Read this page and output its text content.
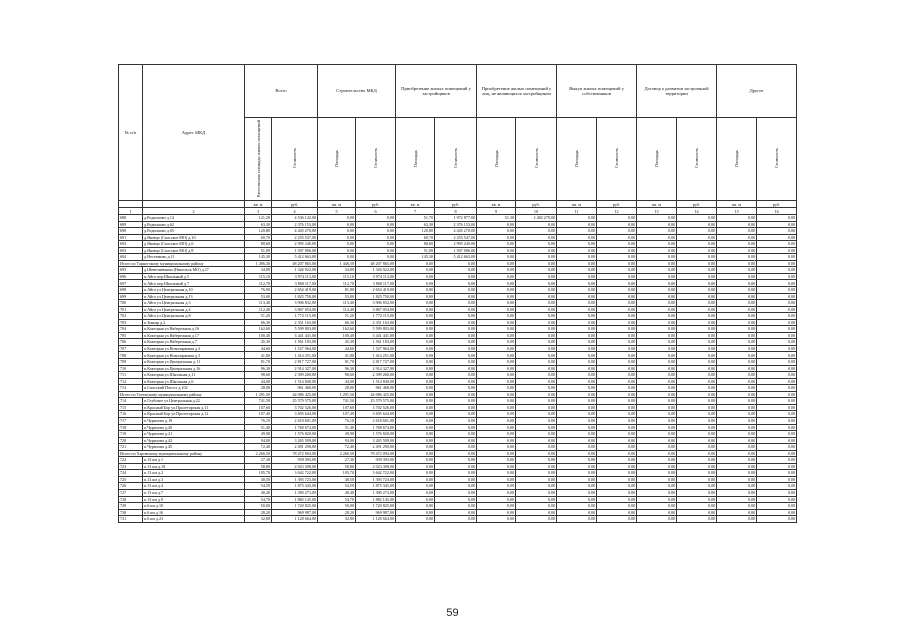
№ п/п	Адрес МКД	Всего		Строительство МКД		Приобретение жилых помещений у застройщиков		Приобретение жилых помещений у лиц, не являющихся застройщиком		Выкуп жилых помещений у собственников		Договор о развитии застроенной территории		Другое	
		Расселяемая площадь жилых помещений	Стоимость	Площадь	Стоимость	Площадь	Стоимость	Площадь	Стоимость	Площадь	Стоимость	Площадь	Стоимость	Площадь	Стоимость
		кв. м	руб.	кв. м	руб.	кв. м	руб.	кв. м	руб.	кв. м	руб.	кв. м	руб.	кв. м	руб.
1	2	3	4	5	6	7	8	9	10	11	12	13	14	15	16
688	д.Родионово д.14	121,20	4 536 142,00	0,00	0,00	51,70	1 972 877,00	51,30	2 482 279,00	0,00	0,00	0,00	0,00	0,00	0,00
689	д.Родионово д.62	63,30	2 376 153,00	0,00	0,00	63,30	2 376 153,00	0,00	0,00	0,00	0,00	0,00	0,00	0,00	0,00
690	д.Родионово д.65	120,80	4 445 270,00	0,00	0,00	120,80	4 445 270,00	0,00	0,00	0,00	0,00	0,00	0,00	0,00	0,00
691	д.Яковцо (Спасское МО) д.10	60,70	2 255 547,00	0,00	0,00	60,70	2 255 547,00	0,00	0,00	0,00	0,00	0,00	0,00	0,00	0,00
692	д.Яковцо (Спасское МО) д.6	80,60	2 995 240,00	0,00	0,00	80,60	2 995 240,00	0,00	0,00	0,00	0,00	0,00	0,00	0,00	0,00
693	д.Яковцо (Спасское МО) д.8	51,00	1 947 006,00	0,00	0,00	51,00	1 947 006,00	0,00	0,00	0,00	0,00	0,00	0,00	0,00	0,00
694	д.Нестюково д.11	145,30	5 412 663,00	0,00	0,00	145,30	5 412 663,00	0,00	0,00	0,00	0,00	0,00	0,00	0,00	0,00
Итого по Тарногскому муниципальному району		1 496,30	48 207 865,00	1 446,50	48 207 865,00	0,00	0,00	0,00	0,00	0,00	0,00	0,00	0,00	0,00	0,00
695	д.Шевеляевыши (Никольск МО) д.27	34,80	1 326 922,00	34,80	1 326 922,00	0,00	0,00	0,00	0,00	0,00	0,00	0,00	0,00	0,00	0,00
696	п.Айга пер.Школьный д.5	115,10	3 974 113,00	115,10	3 974 113,00	0,00	0,00	0,00	0,00	0,00	0,00	0,00	0,00	0,00	0,00
697	п.Айга пер.Школьный д.7	112,70	3 868 117,00	112,70	3 868 117,00	0,00	0,00	0,00	0,00	0,00	0,00	0,00	0,00	0,00	0,00
698	п.Айга ул.Центральная д.10	76,90	2 654 419,00	81,80	2 654 419,00	0,00	0,00	0,00	0,00	0,00	0,00	0,00	0,00	0,00	0,00
699	п.Айга ул.Центральная д.13	53,00	1 825 750,00	53,00	1 825 750,00	0,00	0,00	0,00	0,00	0,00	0,00	0,00	0,00	0,00	0,00
700	п.Айга ул.Центральная д.3	113,40	3 906 832,00	113,40	3 906 832,00	0,00	0,00	0,00	0,00	0,00	0,00	0,00	0,00	0,00	0,00
701	п.Айга ул.Центральная д.4	112,40	3 867 054,00	112,40	3 867 054,00	0,00	0,00	0,00	0,00	0,00	0,00	0,00	0,00	0,00	0,00
702	п.Айга ул.Центральная д.8	51,20	1 772 115,00	51,20	1 772 115,00	0,00	0,00	0,00	0,00	0,00	0,00	0,00	0,00	0,00	0,00
703	п.Зеньяр д.2	66,30	2 351 163,00	66,30	2 351 163,00	0,00	0,00	0,00	0,00	0,00	0,00	0,00	0,00	0,00	0,00
704	п.Кокторня ул.Набережная д.16	162,60	5 599 803,00	162,60	5 599 803,00	0,00	0,00	0,00	0,00	0,00	0,00	0,00	0,00	0,00	0,00
705	п.Кокторня ул.Набережная д.17	100,40	3 441 441,00	100,40	3 441 441,00	0,00	0,00	0,00	0,00	0,00	0,00	0,00	0,00	0,00	0,00
706	п.Кокторня ул.Набережная д.7	45,30	1 561 183,00	45,30	1 561 183,00	0,00	0,00	0,00	0,00	0,00	0,00	0,00	0,00	0,00	0,00
707	п.Кокторня ул.Новопарковая д.3	44,60	1 527 964,00	44,60	1 527 964,00	0,00	0,00	0,00	0,00	0,00	0,00	0,00	0,00	0,00	0,00
708	п.Кокторня ул.Новопарковая д.5	41,80	1 414 251,00	41,80	1 414 251,00	0,00	0,00	0,00	0,00	0,00	0,00	0,00	0,00	0,00	0,00
709	п.Кокторня ул.Центральная д.11	81,70	2 817 727,00	81,70	2 817 727,00	0,00	0,00	0,00	0,00	0,00	0,00	0,00	0,00	0,00	0,00
710	п.Кокторня ул.Центральная д.16	96,30	2 914 327,00	96,30	2 914 327,00	0,00	0,00	0,00	0,00	0,00	0,00	0,00	0,00	0,00	0,00
711	п.Кокторня ул.Школьная д.11	98,60	2 399 260,00	98,60	2 399 260,00	0,00	0,00	0,00	0,00	0,00	0,00	0,00	0,00	0,00	0,00
712	п.Кокторня ул.Школьная д.6	44,00	1 514 840,00	44,00	1 514 840,00	0,00	0,00	0,00	0,00	0,00	0,00	0,00	0,00	0,00	0,00
713	п.Спасский Погост д.102	28,00	961 468,00	28,00	961 468,00	0,00	0,00	0,00	0,00	0,00	0,00	0,00	0,00	0,00	0,00
Итого по Тотемскому муниципальному району		1 291,50	44 086 425,00	1 291,50	44 086 425,00	0,00	0,00	0,00	0,00	0,00	0,00	0,00	0,00	0,00	0,00
714	п.Глубокое ул.Центральная д.22	741,50	25 579 575,00	741,50	25 579 575,00	0,00	0,00	0,00	0,00	0,00	0,00	0,00	0,00	0,00	0,00
715	п.Красный Бор ул.Пролетарская д.11	107,60	3 702 526,00	107,60	3 702 526,00	0,00	0,00	0,00	0,00	0,00	0,00	0,00	0,00	0,00	0,00
716	п.Красный Бор ул.Пролетарская д.12	107,40	3 695 644,00	107,40	3 695 644,00	0,00	0,00	0,00	0,00	0,00	0,00	0,00	0,00	0,00	0,00
717	п.Чурилова д.19	76,10	2 618 601,00	76,10	2 618 601,00	0,00	0,00	0,00	0,00	0,00	0,00	0,00	0,00	0,00	0,00
718	п.Чурилова д.20	51,40	1 768 674,00	51,40	1 768 674,00	0,00	0,00	0,00	0,00	0,00	0,00	0,00	0,00	0,00	0,00
719	п.Чурилова д.21	49,90	1 576 820,00	49,90	1 576 820,00	0,00	0,00	0,00	0,00	0,00	0,00	0,00	0,00	0,00	0,00
720	п.Чурилова д.42	94,00	3 265 509,00	94,00	3 265 509,00	0,00	0,00	0,00	0,00	0,00	0,00	0,00	0,00	0,00	0,00
721	п.Чурилова д.45	72,40	2 491 290,00	72,40	2 491 290,00	0,00	0,00	0,00	0,00	0,00	0,00	0,00	0,00	0,00	0,00
Итого по Харовскому муниципальному району		2 266,50	78 472 094,00	2 266,50	78 472 094,00	0,00	0,00	0,00	0,00	0,00	0,00	0,00	0,00	0,00	0,00
722	п.13 км д.1	27,30	939 393,00	27,30	939 393,00	0,00	0,00	0,00	0,00	0,00	0,00	0,00	0,00	0,00	0,00
723	п.13 км д.18	58,80	2 023 308,00	58,80	2 023 308,00	0,00	0,00	0,00	0,00	0,00	0,00	0,00	0,00	0,00	0,00
724	п.13 км д.2	105,70	3 642 722,00	105,70	3 642 722,00	0,00	0,00	0,00	0,00	0,00	0,00	0,00	0,00	0,00	0,00
725	п.13 км д.3	40,50	1 393 723,00	40,50	1 393 723,00	0,00	0,00	0,00	0,00	0,00	0,00	0,00	0,00	0,00	0,00
726	п.13 км д.4	54,50	1 875 345,00	54,50	1 875 345,00	0,00	0,00	0,00	0,00	0,00	0,00	0,00	0,00	0,00	0,00
727	п.13 км д.7	40,40	1 390 273,00	40,40	1 390 273,00	0,00	0,00	0,00	0,00	0,00	0,00	0,00	0,00	0,00	0,00
728	п.13 км д.9	54,70	1 882 145,00	54,70	1 882 145,00	0,00	0,00	0,00	0,00	0,00	0,00	0,00	0,00	0,00	0,00
729	п.6 км д.10	50,00	1 720 825,00	50,00	1 720 825,00	0,00	0,00	0,00	0,00	0,00	0,00	0,00	0,00	0,00	0,00
730	п.6 км д.16	28,20	969 987,00	28,20	969 987,00	0,00	0,00	0,00	0,00	0,00	0,00	0,00	0,00	0,00	0,00
731	п.6 км д.23	32,80	1 128 664,00	32,80	1 128 664,00	0,00	0,00	0,00	0,00	0,00	0,00	0,00	0,00	0,00	0,00
59
